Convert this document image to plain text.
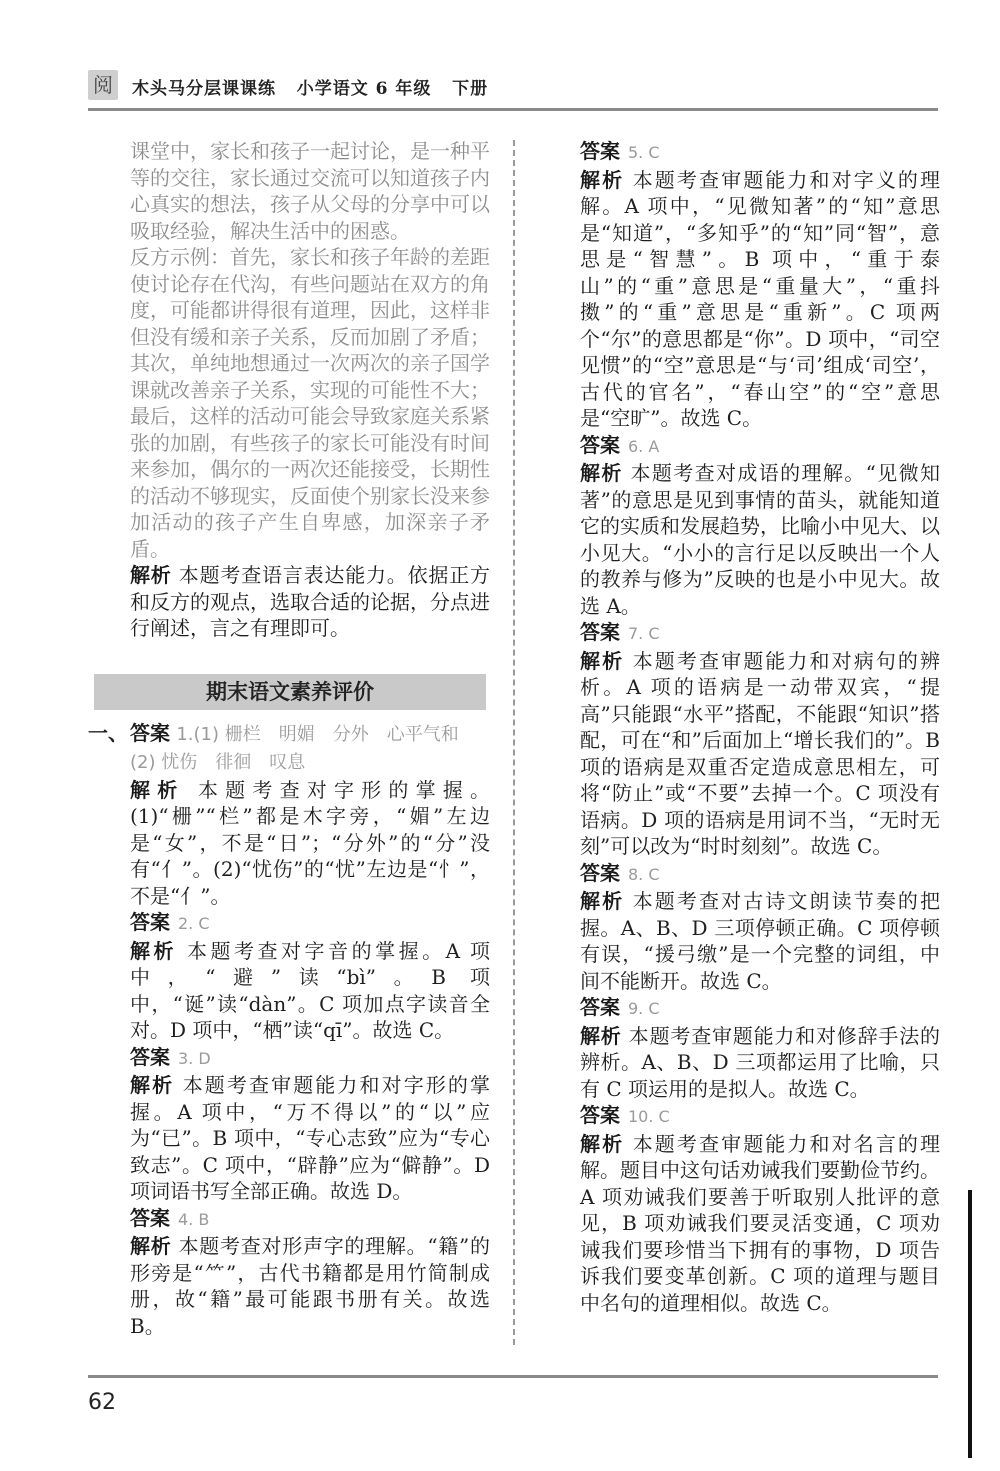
阅 木头马分层课课练   小学语文 6 年级   下册

课堂中，家长和孩子一起讨论，是一种平等的交往，家长通过交流可以知道孩子内心真实的想法，孩子从父母的分享中可以吸取经验，解决生活中的困惑。

反方示例：首先，家长和孩子年龄的差距使讨论存在代沟，有些问题站在双方的角度，可能都讲得很有道理，因此，这样非但没有缓和亲子关系，反而加剧了矛盾；其次，单纯地想通过一次两次的亲子国学课就改善亲子关系，实现的可能性不大；最后，这样的活动可能会导致家庭关系紧张的加剧，有些孩子的家长可能没有时间来参加，偶尔的一两次还能接受，长期性的活动不够现实，反面使个别家长没来参加活动的孩子产生自卑感，加深亲子矛盾。

解析 本题考查语言表达能力。依据正方和反方的观点，选取合适的论据，分点进行阐述，言之有理即可。

期末语文素养评价
一、 答案 1.(1) 栅栏　明媚　分外　心平气和

(2) 忧伤　徘徊　叹息

解析 本题考查对字形的掌握。(1)“栅”“栏”都是木字旁，“媚”左边是“女”，不是“日”；“分外”的“分”没有“亻”。(2)“忧伤”的“忧”左边是“忄”，不是“亻”。

答案 2. C

解析 本题考查对字音的掌握。A 项中，“避”读“bì”。B 项中，“诞”读“dàn”。C 项加点字读音全对。D 项中，“栖”读“qī”。故选 C。

答案 3. D

解析 本题考查审题能力和对字形的掌握。A 项中，“万不得以”的“以”应为“已”。B 项中，“专心志致”应为“专心致志”。C 项中，“辟静”应为“僻静”。D 项词语书写全部正确。故选 D。

答案 4. B

解析 本题考查对形声字的理解。“籍”的形旁是“⺮”，古代书籍都是用竹简制成册，故“籍”最可能跟书册有关。故选 B。

答案 5. C

解析 本题考查审题能力和对字义的理解。A 项中，“见微知著”的“知”意思是“知道”，“多知乎”的“知”同“智”，意思是“智慧”。B 项中，“重于泰山”的“重”意思是“重量大”，“重抖擞”的“重”意思是“重新”。C 项两个“尔”的意思都是“你”。D 项中，“司空见惯”的“空”意思是“与‘司’组成‘司空’，古代的官名”，“春山空”的“空”意思是“空旷”。故选 C。

答案 6. A

解析 本题考查对成语的理解。“见微知著”的意思是见到事情的苗头，就能知道它的实质和发展趋势，比喻小中见大、以小见大。“小小的言行足以反映出一个人的教养与修为”反映的也是小中见大。故选 A。

答案 7. C

解析 本题考查审题能力和对病句的辨析。A 项的语病是一动带双宾，“提高”只能跟“水平”搭配，不能跟“知识”搭配，可在“和”后面加上“增长我们的”。B 项的语病是双重否定造成意思相左，可将“防止”或“不要”去掉一个。C 项没有语病。D 项的语病是用词不当，“无时无刻”可以改为“时时刻刻”。故选 C。

答案 8. C

解析 本题考查对古诗文朗读节奏的把握。A、B、D 三项停顿正确。C 项停顿有误，“援弓缴”是一个完整的词组，中间不能断开。故选 C。

答案 9. C

解析 本题考查审题能力和对修辞手法的辨析。A、B、D 三项都运用了比喻，只有 C 项运用的是拟人。故选 C。

答案 10. C

解析 本题考查审题能力和对名言的理解。题目中这句话劝诫我们要勤俭节约。A 项劝诫我们要善于听取别人批评的意见，B 项劝诫我们要灵活变通，C 项劝诫我们要珍惜当下拥有的事物，D 项告诉我们要变革创新。C 项的道理与题目中名句的道理相似。故选 C。

62
